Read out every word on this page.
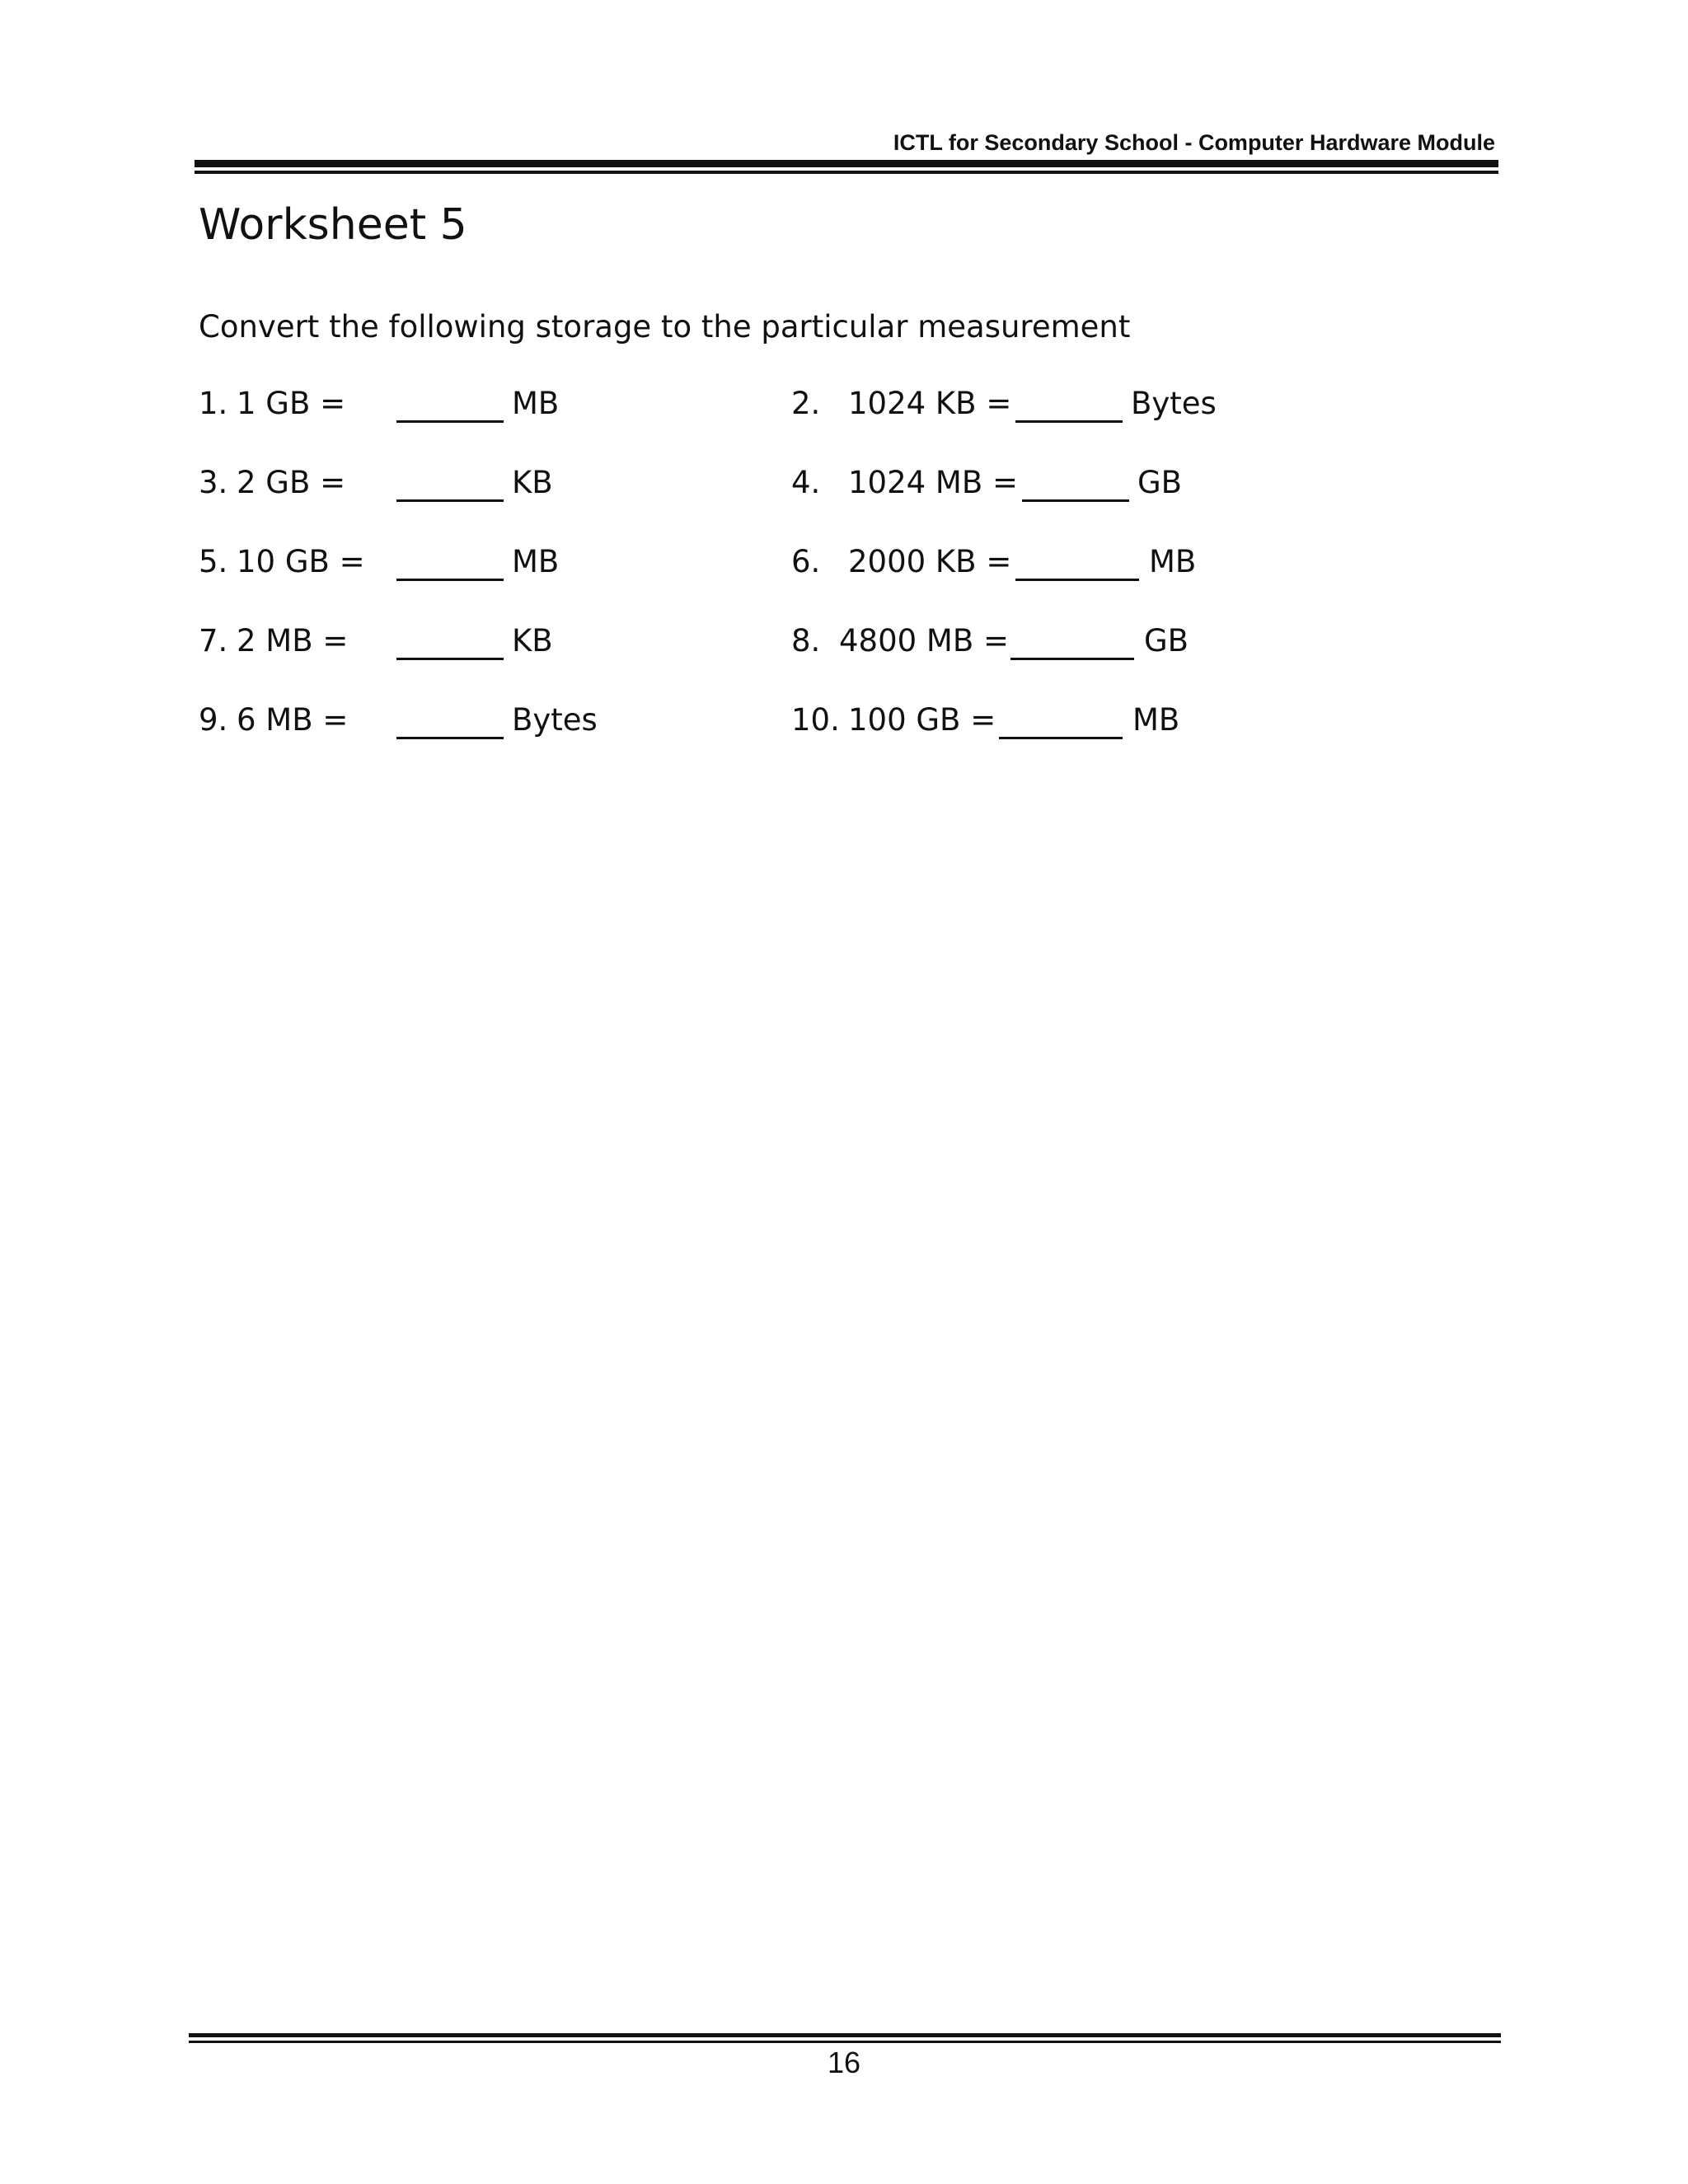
ICTL for Secondary School - Computer Hardware Module
Worksheet 5
Convert the following storage to the particular measurement
1. 1 GB =	MB	2. 1024 KB =	Bytes
3. 2 GB =	KB	4. 1024 MB =	GB
5. 10 GB =	MB	6. 2000 KB =	MB
7. 2 MB =	KB	8. 4800 MB =	GB
9. 6 MB =	Bytes	10. 100 GB =	MB
16
